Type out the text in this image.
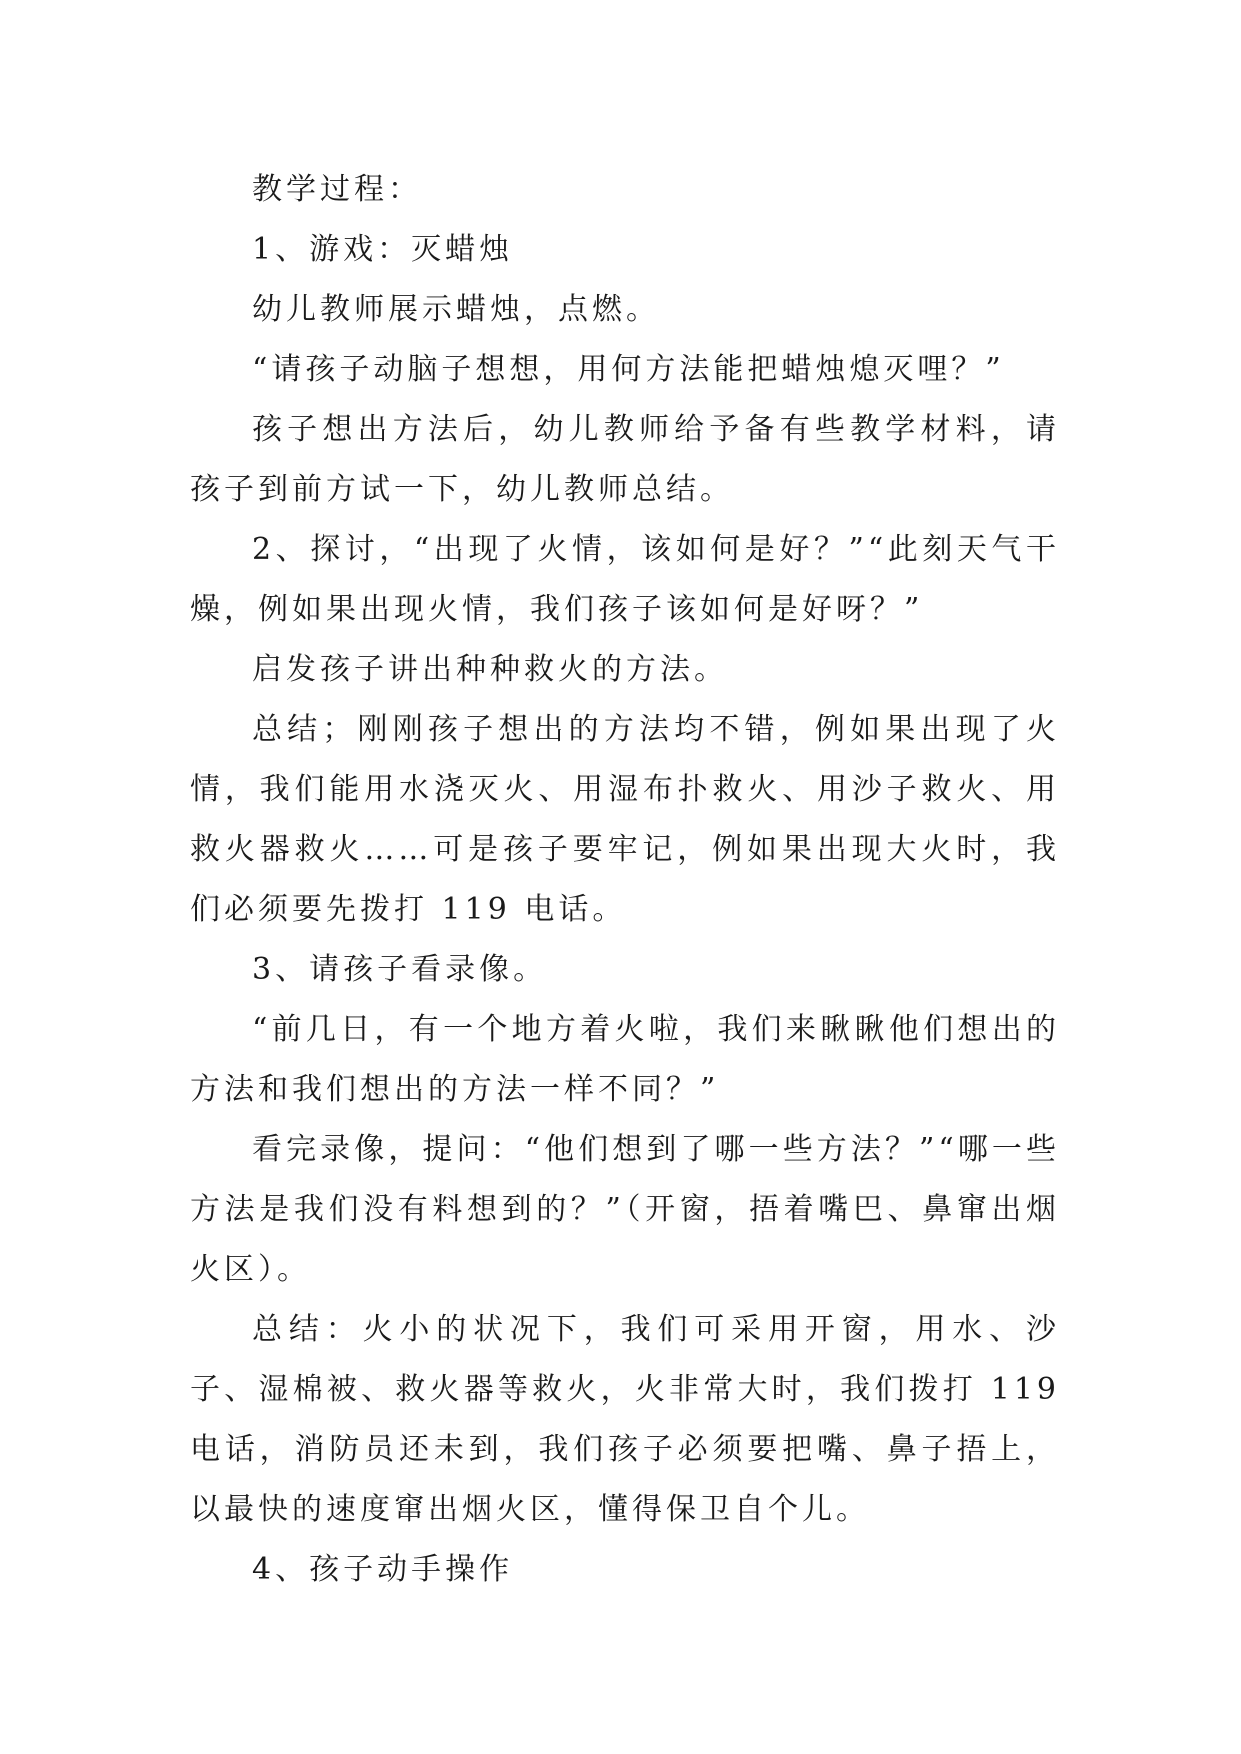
教学过程：

1、游戏：灭蜡烛

幼儿教师展示蜡烛，点燃。

“请孩子动脑子想想，用何方法能把蜡烛熄灭哩？”

孩子想出方法后，幼儿教师给予备有些教学材料，请孩子到前方试一下，幼儿教师总结。

2、探讨，“出现了火情，该如何是好？”“此刻天气干燥，例如果出现火情，我们孩子该如何是好呀？”

启发孩子讲出种种救火的方法。

总结；刚刚孩子想出的方法均不错，例如果出现了火情，我们能用水浇灭火、用湿布扑救火、用沙子救火、用救火器救火……可是孩子要牢记，例如果出现大火时，我们必须要先拨打 119 电话。

3、请孩子看录像。

“前几日，有一个地方着火啦，我们来瞅瞅他们想出的方法和我们想出的方法一样不同？”

看完录像，提问：“他们想到了哪一些方法？”“哪一些方法是我们没有料想到的？”（开窗，捂着嘴巴、鼻窜出烟火区）。

总结：火小的状况下，我们可采用开窗，用水、沙子、湿棉被、救火器等救火，火非常大时，我们拨打 119 电话，消防员还未到，我们孩子必须要把嘴、鼻子捂上，以最快的速度窜出烟火区，懂得保卫自个儿。

4、孩子动手操作
